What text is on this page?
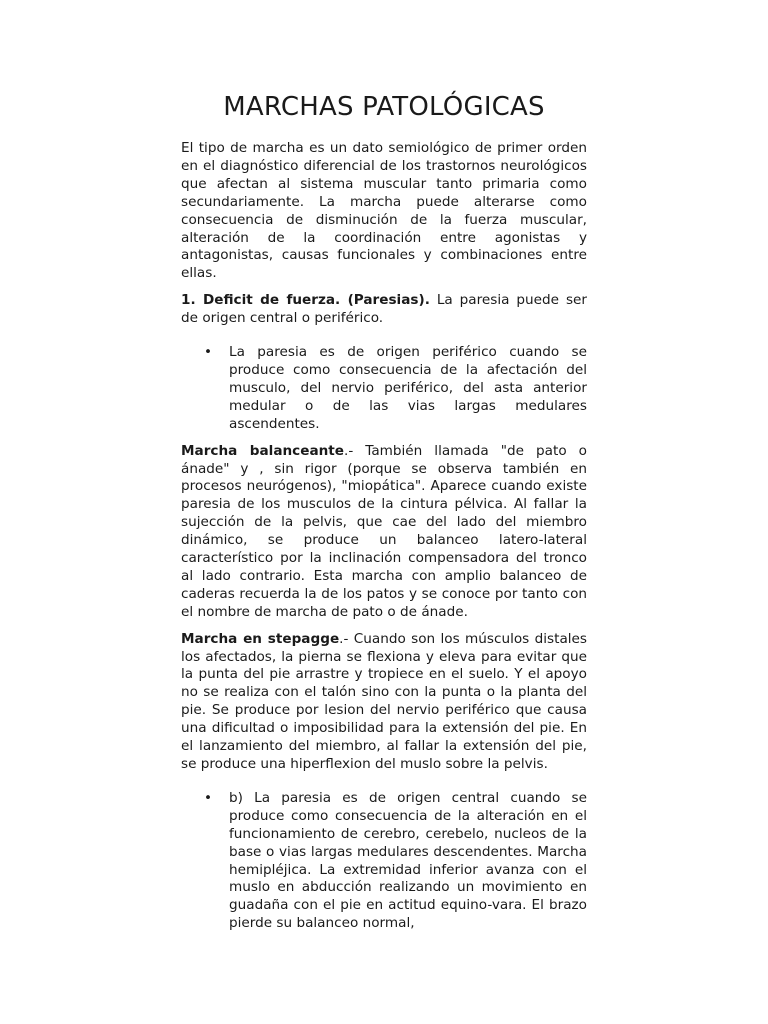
MARCHAS PATOLÓGICAS

El tipo de marcha es un dato semiológico de primer orden en el diagnóstico diferencial de los trastornos neurológicos que afectan al sistema muscular tanto primaria como secundariamente. La marcha puede alterarse como consecuencia de disminución de la fuerza muscular, alteración de la coordinación entre agonistas y antagonistas, causas funcionales y combinaciones entre ellas.

1. Deficit de fuerza. (Paresias). La paresia puede ser de origen central o periférico.

• La paresia es de origen periférico cuando se produce como consecuencia de la afectación del musculo, del nervio periférico, del asta anterior medular o de las vias largas medulares ascendentes.

Marcha balanceante.- También llamada "de pato o ánade" y , sin rigor (porque se observa también en procesos neurógenos), "miopática". Aparece cuando existe paresia de los musculos de la cintura pélvica. Al fallar la sujección de la pelvis, que cae del lado del miembro dinámico, se produce un balanceo latero-lateral característico por la inclinación compensadora del tronco al lado contrario. Esta marcha con amplio balanceo de caderas recuerda la de los patos y se conoce por tanto con el nombre de marcha de pato o de ánade.

Marcha en stepagge.- Cuando son los músculos distales los afectados, la pierna se flexiona y eleva para evitar que la punta del pie arrastre y tropiece en el suelo. Y el apoyo no se realiza con el talón sino con la punta o la planta del pie. Se produce por lesion del nervio periférico que causa una dificultad o imposibilidad para la extensión del pie. En el lanzamiento del miembro, al fallar la extensión del pie, se produce una hiperflexion del muslo sobre la pelvis.

• b) La paresia es de origen central cuando se produce como consecuencia de la alteración en el funcionamiento de cerebro, cerebelo, nucleos de la base o vias largas medulares descendentes. Marcha hemipléjica. La extremidad inferior avanza con el muslo en abducción realizando un movimiento en guadaña con el pie en actitud equino-vara. El brazo pierde su balanceo normal,
